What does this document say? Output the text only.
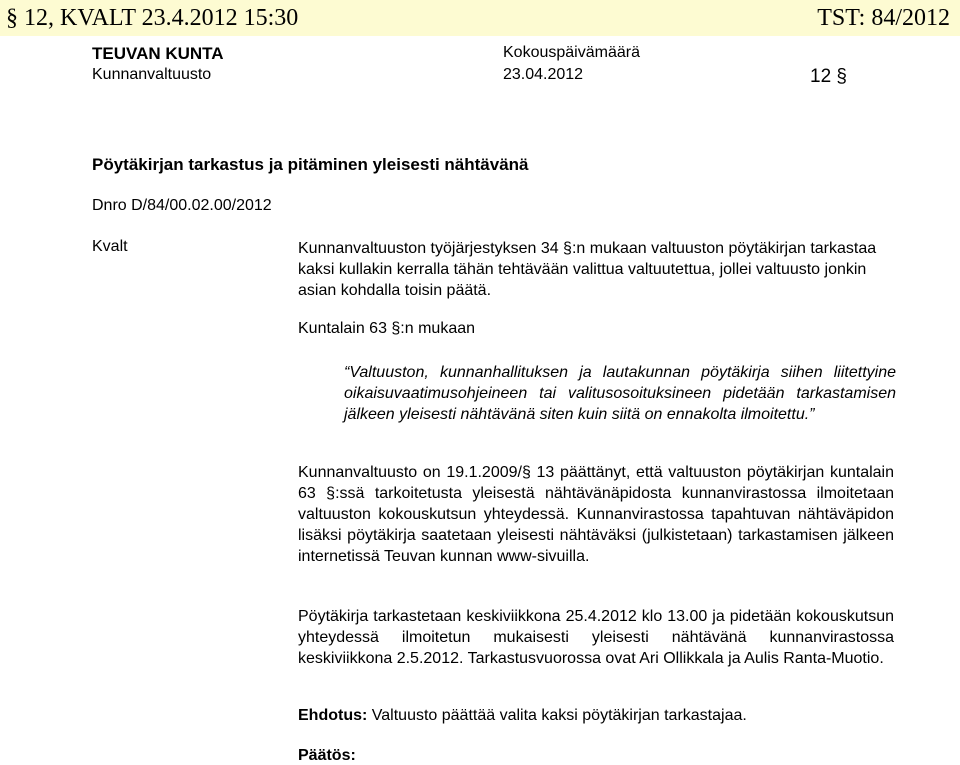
§ 12, KVALT 23.4.2012 15:30	TST: 84/2012
TEUVAN KUNTA
Kunnanvaltuusto
Kokouspäivämäärä
23.04.2012	12 §
Pöytäkirjan tarkastus ja pitäminen yleisesti nähtävänä
Dnro D/84/00.02.00/2012
Kvalt	Kunnanvaltuuston työjärjestyksen 34 §:n mukaan valtuuston pöytäkirjan tarkastaa kaksi kullakin kerralla tähän tehtävään valittua valtuutettua, jollei valtuusto jonkin asian kohdalla toisin päätä.
Kuntalain 63 §:n mukaan
“Valtuuston, kunnanhallituksen ja lautakunnan pöytäkirja siihen liitettyine oikaisuvaatimusohjeineen tai valitusosoituksineen pidetään tarkastamisen jälkeen yleisesti nähtävänä siten kuin siitä on ennakolta ilmoitettu.”
Kunnanvaltuusto on 19.1.2009/§ 13 päättänyt, että valtuuston pöytäkirjan kuntalain 63 §:ssä tarkoitetusta yleisestä nähtävänäpidosta kunnanvirastossa ilmoitetaan valtuuston kokouskutsun yhteydessä. Kunnanvirastossa tapahtuvan nähtäväpidon lisäksi pöytäkirja saatetaan yleisesti nähtäväksi (julkistetaan) tarkastamisen jälkeen internetissä Teuvan kunnan www-sivuilla.
Pöytäkirja tarkastetaan keskiviikkona 25.4.2012 klo 13.00 ja pidetään kokouskutsun yhteydessä ilmoitetun mukaisesti yleisesti nähtävänä kunnanvirastossa keskiviikkona 2.5.2012. Tarkastusvuorossa ovat Ari Ollikkala ja Aulis Ranta-Muotio.
Ehdotus: Valtuusto päättää valita kaksi pöytäkirjan tarkastajaa.
Päätös:
